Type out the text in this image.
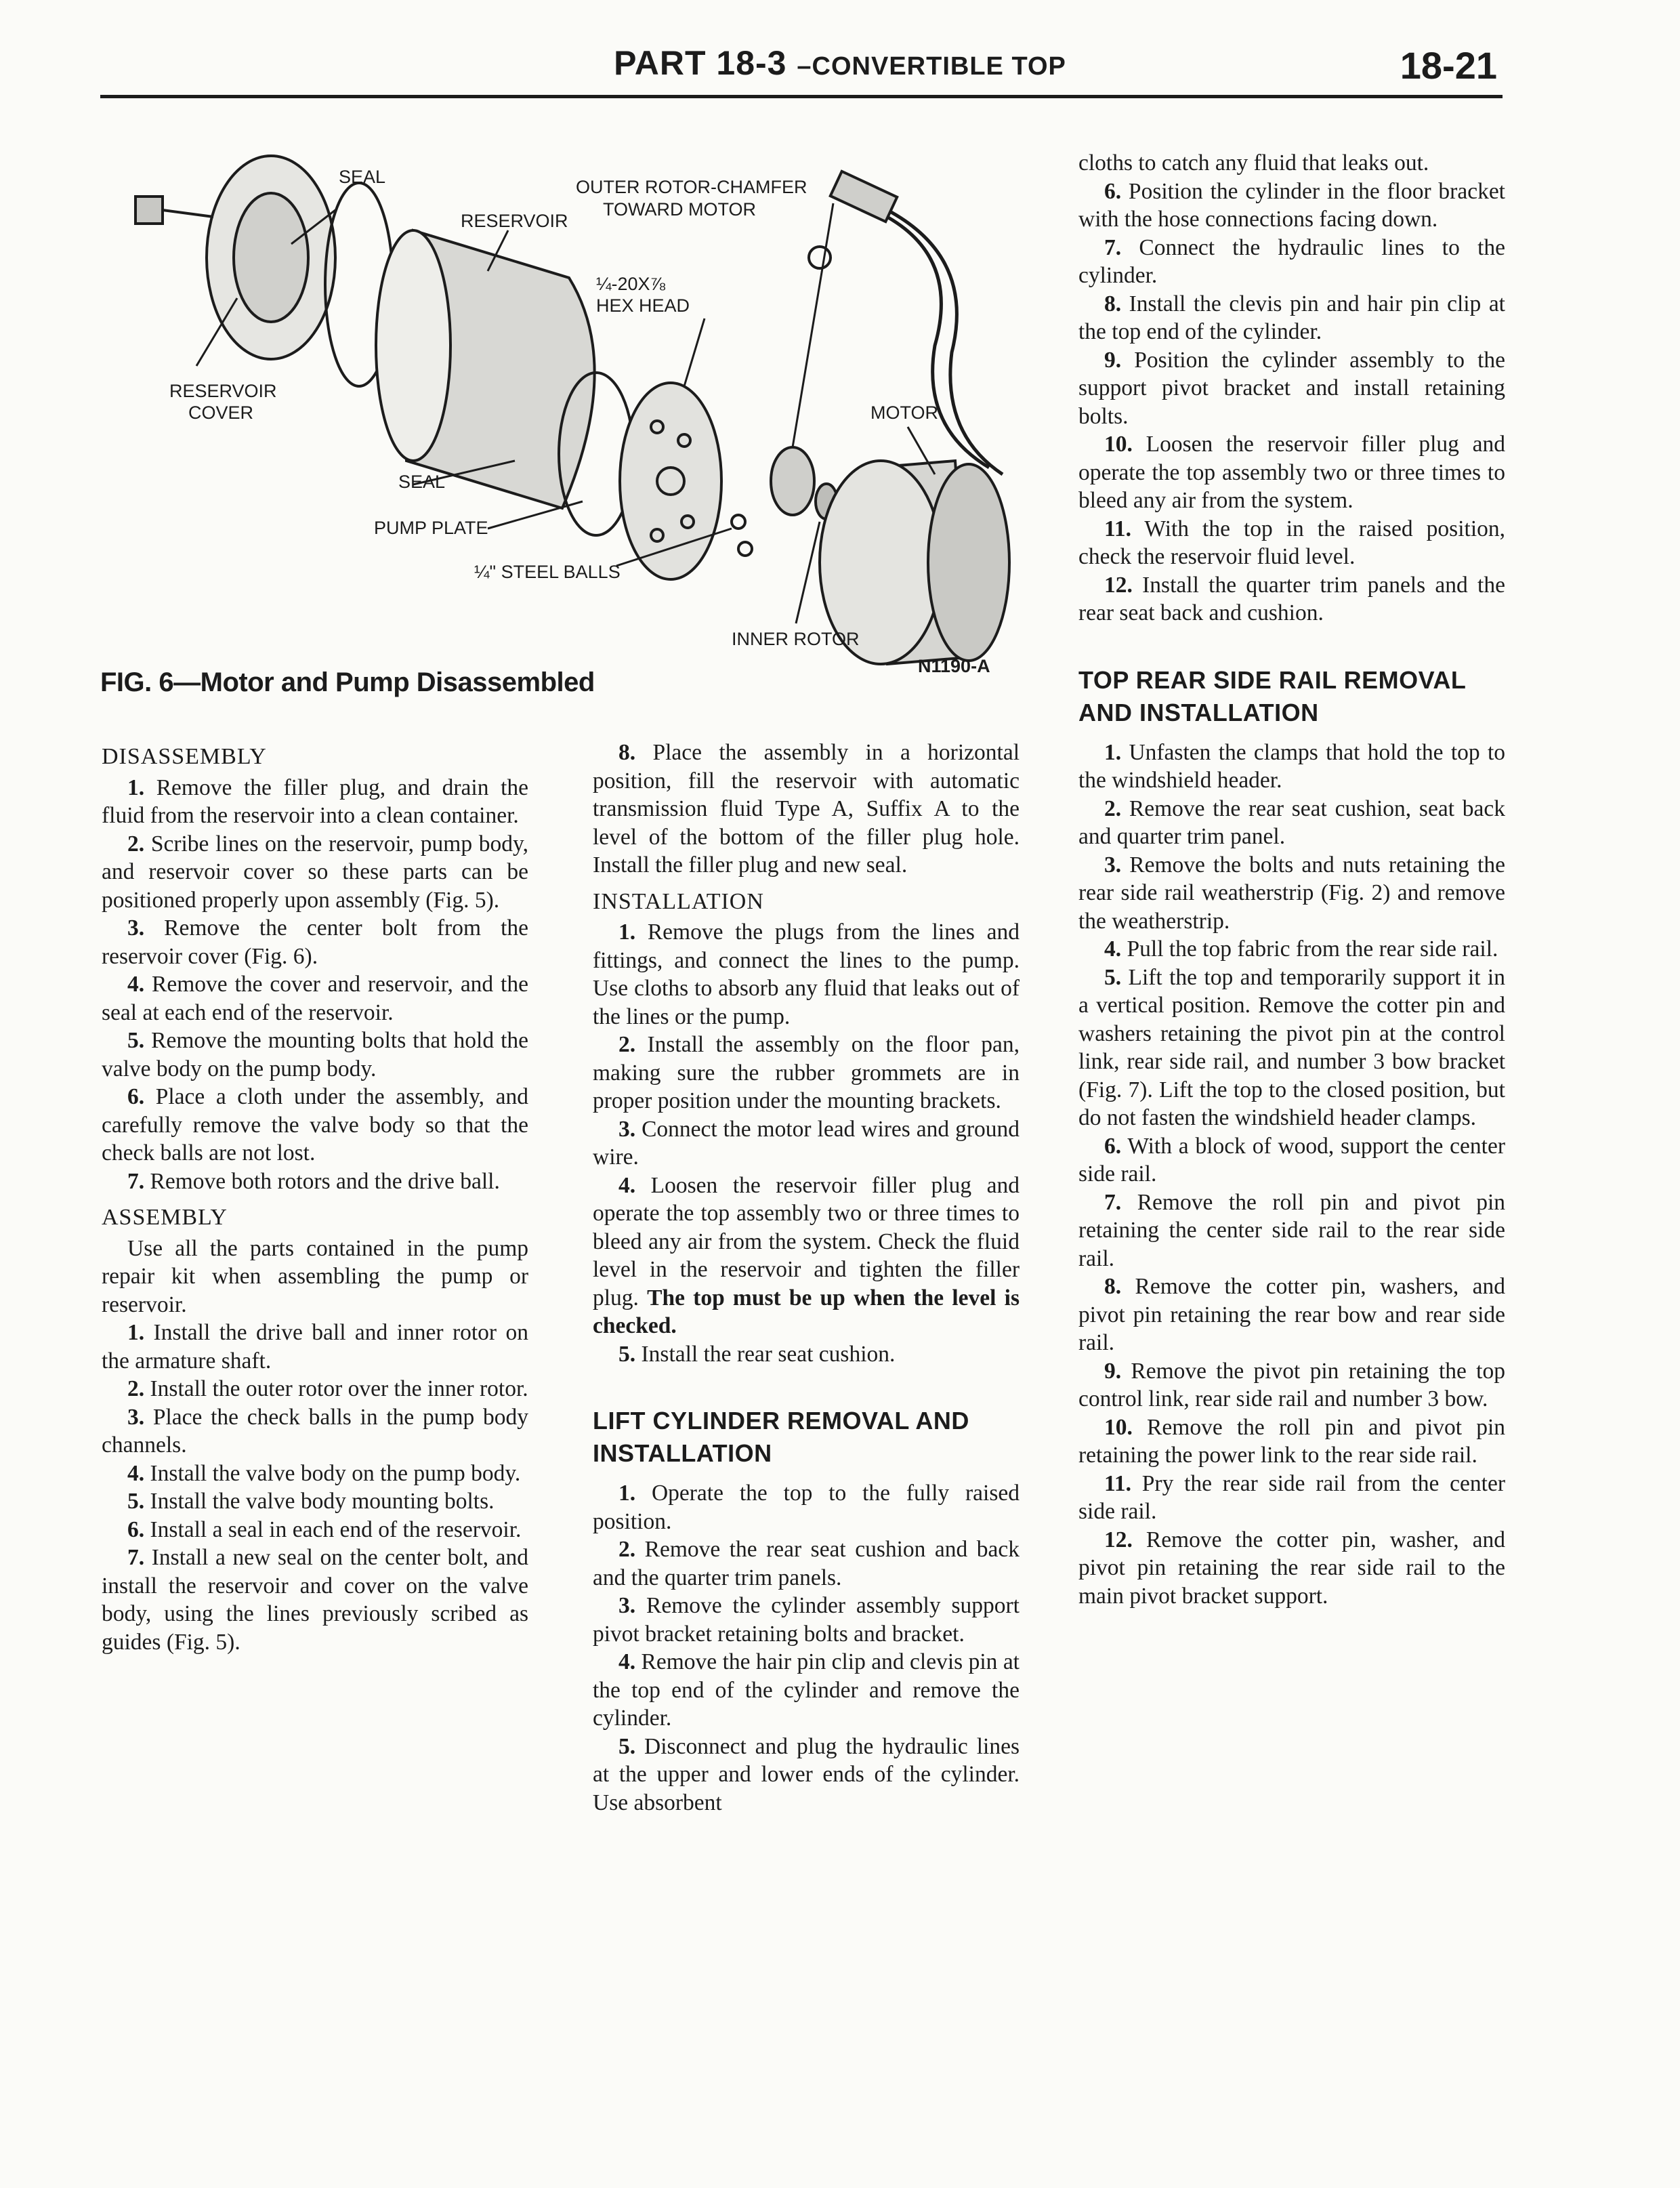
PART 18-3 –CONVERTIBLE TOP	18-21
SEAL
RESERVOIR
OUTER ROTOR-CHAMFER
TOWARD MOTOR
¼-20X⅞
HEX HEAD
RESERVOIR
COVER	MOTOR
SEAL
PUMP PLATE
¼" STEEL BALLS
INNER ROTOR
N1190-A
FIG. 6—Motor and Pump Disassembled
DISASSEMBLY

1. Remove the filler plug, and drain the fluid from the reservoir into a clean container.

2. Scribe lines on the reservoir, pump body, and reservoir cover so these parts can be positioned properly upon assembly (Fig. 5).

3. Remove the center bolt from the reservoir cover (Fig. 6).

4. Remove the cover and reservoir, and the seal at each end of the reservoir.

5. Remove the mounting bolts that hold the valve body on the pump body.

6. Place a cloth under the assembly, and carefully remove the valve body so that the check balls are not lost.

7. Remove both rotors and the drive ball.

ASSEMBLY

Use all the parts contained in the pump repair kit when assembling the pump or reservoir.

1. Install the drive ball and inner rotor on the armature shaft.

2. Install the outer rotor over the inner rotor.

3. Place the check balls in the pump body channels.

4. Install the valve body on the pump body.

5. Install the valve body mounting bolts.

6. Install a seal in each end of the reservoir.

7. Install a new seal on the center bolt, and install the reservoir and cover on the valve body, using the lines previously scribed as guides (Fig. 5).

8. Place the assembly in a horizontal position, fill the reservoir with automatic transmission fluid Type A, Suffix A to the level of the bottom of the filler plug hole. Install the filler plug and new seal.

INSTALLATION

1. Remove the plugs from the lines and fittings, and connect the lines to the pump. Use cloths to absorb any fluid that leaks out of the lines or the pump.

2. Install the assembly on the floor pan, making sure the rubber grommets are in proper position under the mounting brackets.

3. Connect the motor lead wires and ground wire.

4. Loosen the reservoir filler plug and operate the top assembly two or three times to bleed any air from the system. Check the fluid level in the reservoir and tighten the filler plug. The top must be up when the level is checked.

5. Install the rear seat cushion.

LIFT CYLINDER REMOVAL AND INSTALLATION

1. Operate the top to the fully raised position.

2. Remove the rear seat cushion and back and the quarter trim panels.

3. Remove the cylinder assembly support pivot bracket retaining bolts and bracket.

4. Remove the hair pin clip and clevis pin at the top end of the cylinder and remove the cylinder.

5. Disconnect and plug the hydraulic lines at the upper and lower ends of the cylinder. Use absorbent

cloths to catch any fluid that leaks out.

6. Position the cylinder in the floor bracket with the hose connections facing down.

7. Connect the hydraulic lines to the cylinder.

8. Install the clevis pin and hair pin clip at the top end of the cylinder.

9. Position the cylinder assembly to the support pivot bracket and install retaining bolts.

10. Loosen the reservoir filler plug and operate the top assembly two or three times to bleed any air from the system.

11. With the top in the raised position, check the reservoir fluid level.

12. Install the quarter trim panels and the rear seat back and cushion.

TOP REAR SIDE RAIL REMOVAL AND INSTALLATION

1. Unfasten the clamps that hold the top to the windshield header.

2. Remove the rear seat cushion, seat back and quarter trim panel.

3. Remove the bolts and nuts retaining the rear side rail weatherstrip (Fig. 2) and remove the weatherstrip.

4. Pull the top fabric from the rear side rail.

5. Lift the top and temporarily support it in a vertical position. Remove the cotter pin and washers retaining the pivot pin at the control link, rear side rail, and number 3 bow bracket (Fig. 7). Lift the top to the closed position, but do not fasten the windshield header clamps.

6. With a block of wood, support the center side rail.

7. Remove the roll pin and pivot pin retaining the center side rail to the rear side rail.

8. Remove the cotter pin, washers, and pivot pin retaining the rear bow and rear side rail.

9. Remove the pivot pin retaining the top control link, rear side rail and number 3 bow.

10. Remove the roll pin and pivot pin retaining the power link to the rear side rail.

11. Pry the rear side rail from the center side rail.

12. Remove the cotter pin, washer, and pivot pin retaining the rear side rail to the main pivot bracket support.
